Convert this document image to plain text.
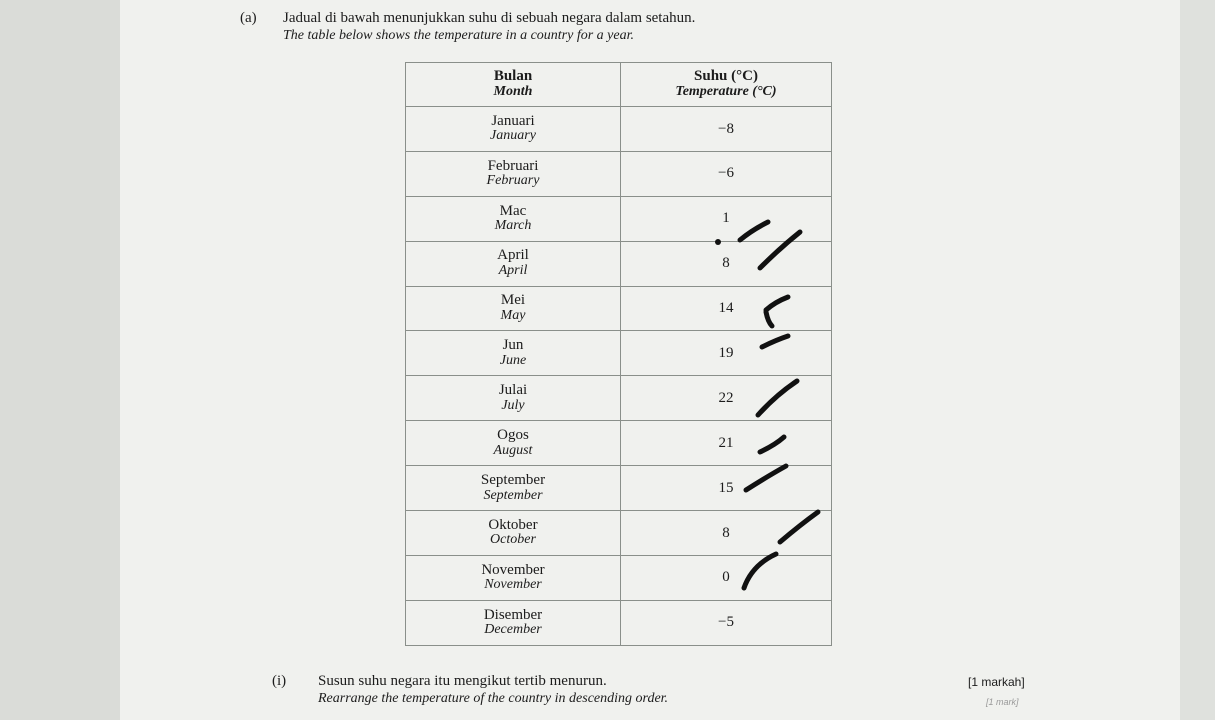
(a) Jadual di bawah menunjukkan suhu di sebuah negara dalam setahun.
The table below shows the temperature in a country for a year.
Bulan
Month	Suhu (°C)
Temperature (°C)

Januari
January	−8

Februari
February	−6

Mac
March	1

April
April	8

Mei
May	14

Jun
June	19

Julai
July	22

Ogos
August	21

September
September	15

Oktober
October	8

November
November	0

Disember
December	−5
(i) Susun suhu negara itu mengikut tertib menurun.
Rearrange the temperature of the country in descending order.
[1 markah]
[1 mark]
